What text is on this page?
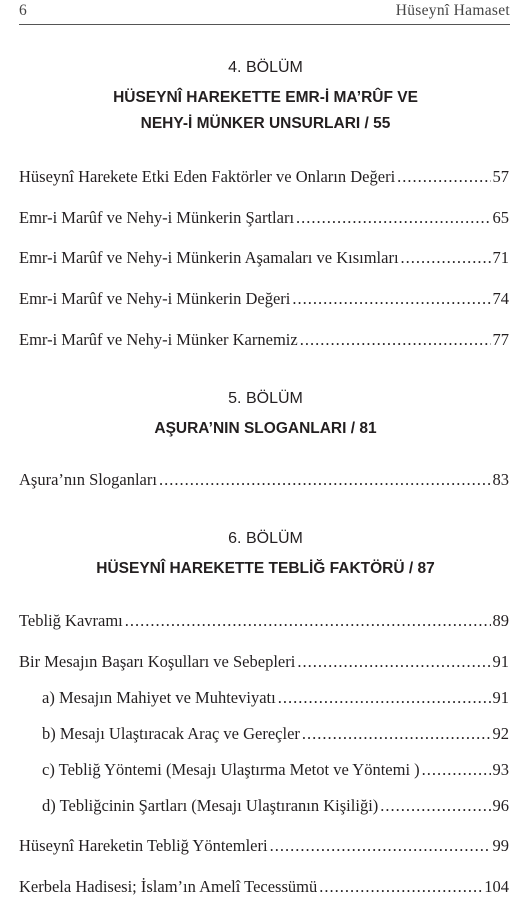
6	Hüseynî Hamaset
4. BÖLÜM
HÜSEYNÎ HAREKETTE EMR-İ MA’RÛF VE
NEHY-İ MÜNKER UNSURLARI / 55
Hüseynî Harekete Etki Eden Faktörler ve Onların Değeri .....	57
Emr-i Marûf ve Nehy-i Münkerin Şartları .....	65
Emr-i Marûf ve Nehy-i Münkerin Aşamaları ve Kısımları .....	71
Emr-i Marûf ve Nehy-i Münkerin Değeri .....	74
Emr-i Marûf ve Nehy-i Münker Karnemiz .....	77
5. BÖLÜM
AŞURA’NIN SLOGANLARI / 81
Aşura’nın Sloganları .....	83
6. BÖLÜM
HÜSEYNÎ HAREKETTE TEBLİĞ FAKTÖRÜ / 87
Tebliğ Kavramı .....	89
Bir Mesajın Başarı Koşulları ve Sebepleri .....	91
a) Mesajın Mahiyet ve Muhteviyatı .....	91
b) Mesajı Ulaştıracak Araç ve Gereçler .....	92
c) Tebliğ Yöntemi (Mesajı Ulaştırma Metot ve Yöntemi ) .....	93
d) Tebliğcinin Şartları (Mesajı Ulaştıranın Kişiliği) .....	96
Hüseynî Hareketin Tebliğ Yöntemleri .....	99
Kerbela Hadisesi; İslam’ın Amelî Tecessümü .....	104
